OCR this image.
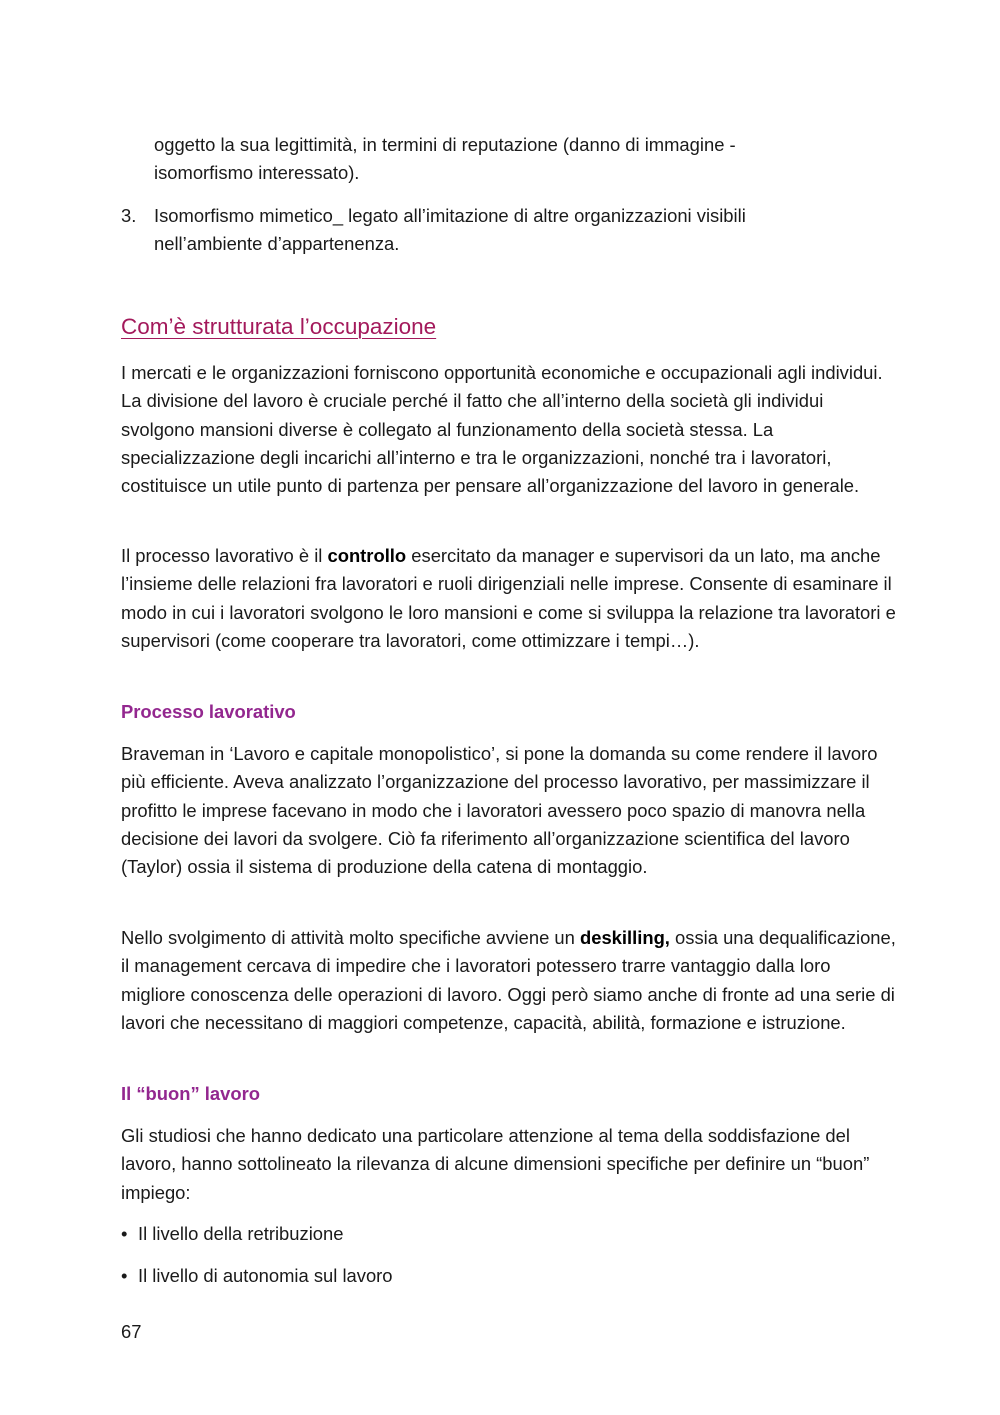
oggetto la sua legittimità, in termini di reputazione (danno di immagine -
isomorfismo interessato).
3. Isomorfismo mimetico_ legato all’imitazione di altre organizzazioni visibili
nell’ambiente d’appartenenza.
Com’è strutturata l’occupazione

I mercati e le organizzazioni forniscono opportunità economiche e occupazionali agli individui. La divisione del lavoro è cruciale perché il fatto che all’interno della società gli individui svolgono mansioni diverse è collegato al funzionamento della società stessa. La specializzazione degli incarichi all’interno e tra le organizzazioni, nonché tra i lavoratori, costituisce un utile punto di partenza per pensare all’organizzazione del lavoro in generale.

Il processo lavorativo è il controllo esercitato da manager e supervisori da un lato, ma anche l’insieme delle relazioni fra lavoratori e ruoli dirigenziali nelle imprese. Consente di esaminare il modo in cui i lavoratori svolgono le loro mansioni e come si sviluppa la relazione tra lavoratori e supervisori (come cooperare tra lavoratori, come ottimizzare i tempi…).

Processo lavorativo

Braveman in ‘Lavoro e capitale monopolistico’, si pone la domanda su come rendere il lavoro più efficiente. Aveva analizzato l’organizzazione del processo lavorativo, per massimizzare il profitto le imprese facevano in modo che i lavoratori avessero poco spazio di manovra nella decisione dei lavori da svolgere. Ciò fa riferimento all’organizzazione scientifica del lavoro (Taylor) ossia il sistema di produzione della catena di montaggio.

Nello svolgimento di attività molto specifiche avviene un deskilling, ossia una dequalificazione, il management cercava di impedire che i lavoratori potessero trarre vantaggio dalla loro migliore conoscenza delle operazioni di lavoro. Oggi però siamo anche di fronte ad una serie di lavori che necessitano di maggiori competenze, capacità, abilità, formazione e istruzione.

Il “buon” lavoro

Gli studiosi che hanno dedicato una particolare attenzione al tema della soddisfazione del lavoro, hanno sottolineato la rilevanza di alcune dimensioni specifiche per definire un “buon” impiego:

• Il livello della retribuzione
• Il livello di autonomia sul lavoro
67
